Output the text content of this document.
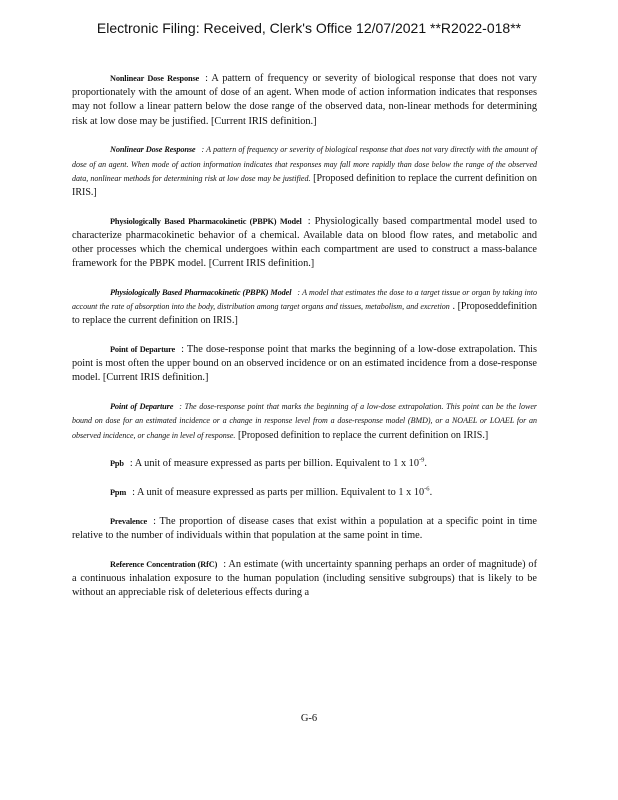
Electronic Filing: Received, Clerk's Office 12/07/2021 **R2022-018**

Nonlinear Dose Response : A pattern of frequency or severity of biological response that does not vary proportionately with the amount of dose of an agent. When mode of action information indicates that responses may not follow a linear pattern below the dose range of the observed data, non-linear methods for determining risk at low dose may be justified. [Current IRIS definition.]

Nonlinear Dose Response : A pattern of frequency or severity of biological response that does not vary directly with the amount of dose of an agent. When mode of action information indicates that responses may fall more rapidly than dose below the range of the observed data, nonlinear methods for determining risk at low dose may be justified. [Proposed definition to replace the current definition on IRIS.]

Physiologically Based Pharmacokinetic (PBPK) Model : Physiologically based compartmental model used to characterize pharmacokinetic behavior of a chemical. Available data on blood flow rates, and metabolic and other processes which the chemical undergoes within each compartment are used to construct a mass-balance framework for the PBPK model. [Current IRIS definition.]

Physiologically Based Pharmacokinetic (PBPK) Model : A model that estimates the dose to a target tissue or organ by taking into account the rate of absorption into the body, distribution among target organs and tissues, metabolism, and excretion . [Proposeddefinition to replace the current definition on IRIS.]

Point of Departure : The dose-response point that marks the beginning of a low-dose extrapolation. This point is most often the upper bound on an observed incidence or on an estimated incidence from a dose-response model. [Current IRIS definition.]

Point of Departure : The dose-response point that marks the beginning of a low-dose extrapolation. This point can be the lower bound on dose for an estimated incidence or a change in response level from a dose-response model (BMD), or a NOAEL or LOAEL for an observed incidence, or change in level of response. [Proposed definition to replace the current definition on IRIS.]

Ppb : A unit of measure expressed as parts per billion. Equivalent to 1 x $10^{-9}$.

Ppm : A unit of measure expressed as parts per million. Equivalent to 1 x $10^{-6}$.

Prevalence : The proportion of disease cases that exist within a population at a specific point in time relative to the number of individuals within that population at the same point in time.

Reference Concentration (RfC) : An estimate (with uncertainty spanning perhaps an order of magnitude) of a continuous inhalation exposure to the human population (including sensitive subgroups) that is likely to be without an appreciable risk of deleterious effects during a

G-6
